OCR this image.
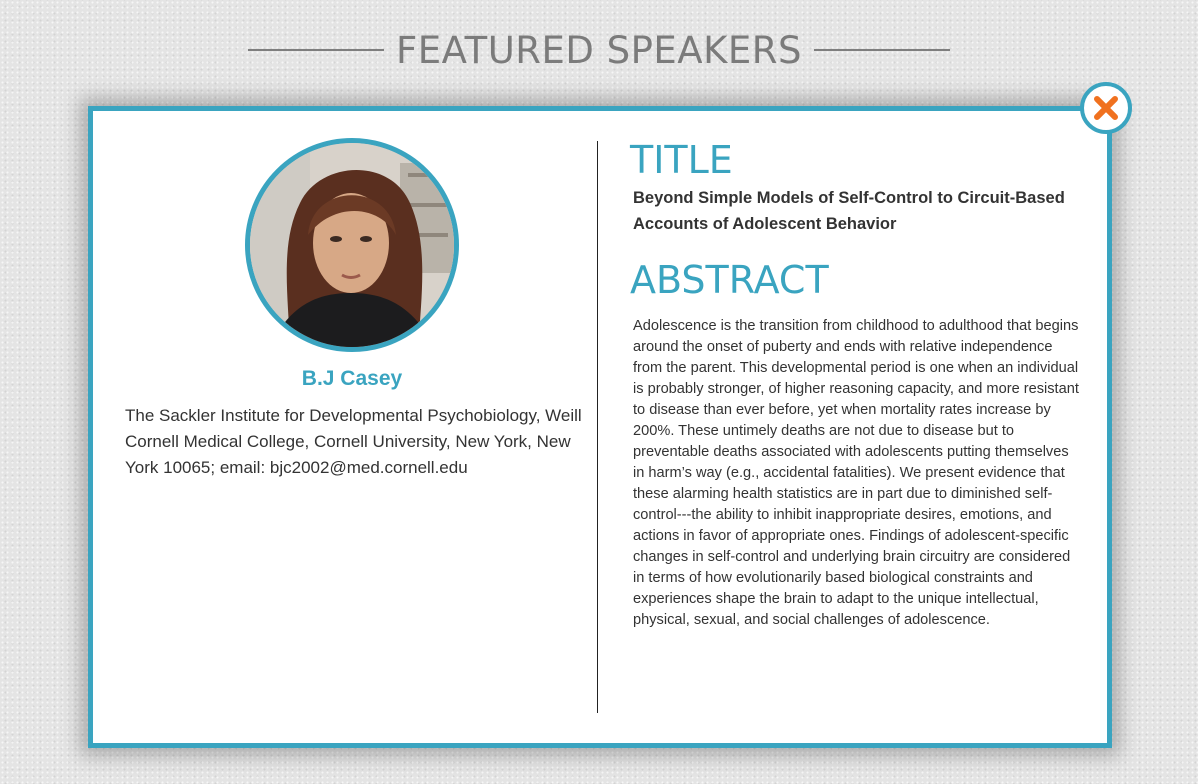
FEATURED SPEAKERS
B.J Casey
The Sackler Institute for Developmental Psychobiology, Weill Cornell Medical College, Cornell University, New York, New York 10065; email: bjc2002@med.cornell.edu
TITLE
Beyond Simple Models of Self-Control to Circuit-Based Accounts of Adolescent Behavior
ABSTRACT
Adolescence is the transition from childhood to adulthood that begins around the onset of puberty and ends with relative independence from the parent. This developmental period is one when an individual is probably stronger, of higher reasoning capacity, and more resistant to disease than ever before, yet when mortality rates increase by 200%. These untimely deaths are not due to disease but to preventable deaths associated with adolescents putting themselves in harm’s way (e.g., accidental fatalities). We present evidence that these alarming health statistics are in part due to diminished self-control---the ability to inhibit inappropriate desires, emotions, and actions in favor of appropriate ones. Findings of adolescent-specific changes in self-control and underlying brain circuitry are considered in terms of how evolutionarily based biological constraints and experiences shape the brain to adapt to the unique intellectual, physical, sexual, and social challenges of adolescence.
